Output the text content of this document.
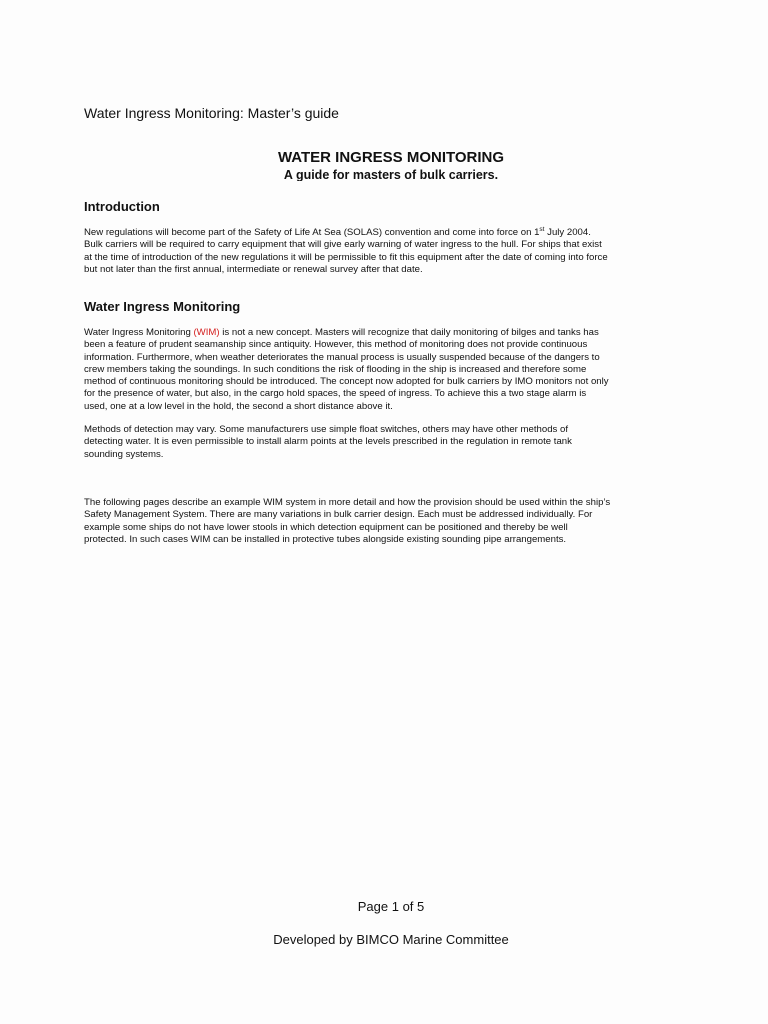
Water Ingress Monitoring: Master’s guide
WATER INGRESS MONITORING
A guide for masters of bulk carriers.
Introduction
New regulations will become part of the Safety of Life At Sea (SOLAS) convention and come into force on 1st July 2004.
Bulk carriers will be required to carry equipment that will give early warning of water ingress to the hull. For ships that exist
at the time of introduction of the new regulations it will be permissible to fit this equipment after the date of coming into force
but not later than the first annual, intermediate or renewal survey after that date.
Water Ingress Monitoring
Water Ingress Monitoring (WIM) is not a new concept. Masters will recognize that daily monitoring of bilges and tanks has
been a feature of prudent seamanship since antiquity. However, this method of monitoring does not provide continuous
information. Furthermore, when weather deteriorates the manual process is usually suspended because of the dangers to
crew members taking the soundings. In such conditions the risk of flooding in the ship is increased and therefore some
method of continuous monitoring should be introduced. The concept now adopted for bulk carriers by IMO monitors not only
for the presence of water, but also, in the cargo hold spaces, the speed of ingress. To achieve this a two stage alarm is
used, one at a low level in the hold, the second a short distance above it.
Methods of detection may vary. Some manufacturers use simple float switches, others may have other methods of
detecting water. It is even permissible to install alarm points at the levels prescribed in the regulation in remote tank
sounding systems.
The following pages describe an example WIM system in more detail and how the provision should be used within the ship’s
Safety Management System. There are many variations in bulk carrier design. Each must be addressed individually. For
example some ships do not have lower stools in which detection equipment can be positioned and thereby be well
protected. In such cases WIM can be installed in protective tubes alongside existing sounding pipe arrangements.
Page 1 of 5
Developed by BIMCO Marine Committee
